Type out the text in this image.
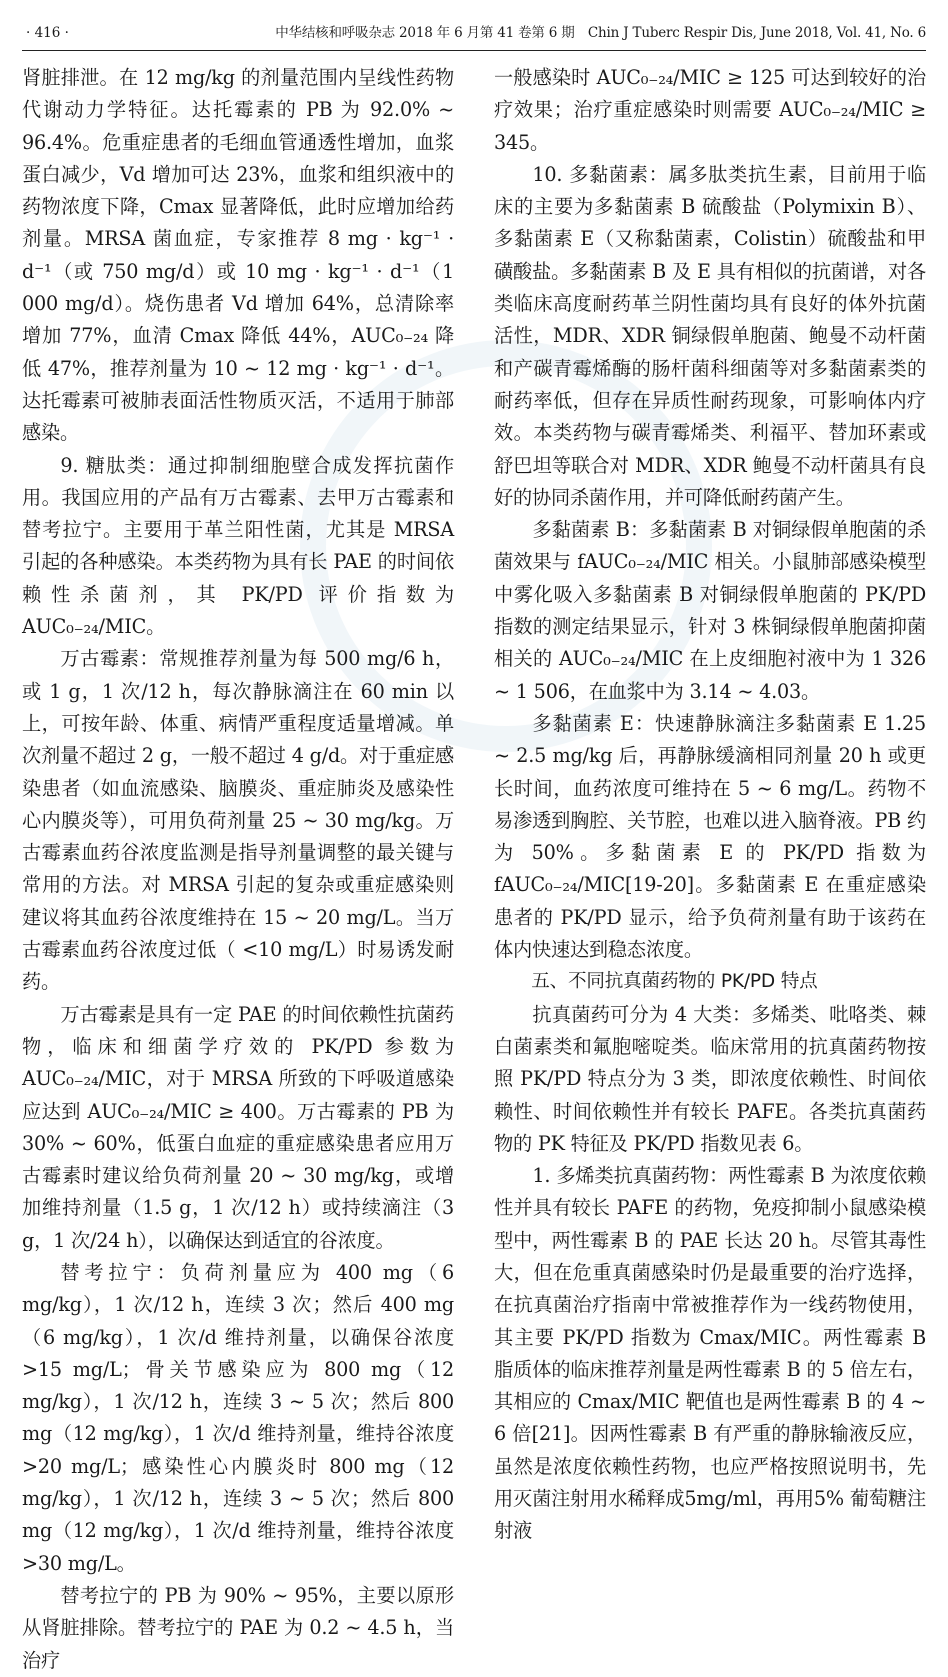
· 416 ·	中华结核和呼吸杂志 2018 年 6 月第 41 卷第 6 期　Chin J Tuberc Respir Dis, June 2018, Vol. 41, No. 6

肾脏排泄。在 12 mg/kg 的剂量范围内呈线性药物代谢动力学特征。达托霉素的 PB 为 92.0% ~ 96.4%。危重症患者的毛细血管通透性增加，血浆蛋白减少，Vd 增加可达 23%，血浆和组织液中的药物浓度下降，Cmax 显著降低，此时应增加给药剂量。MRSA 菌血症，专家推荐 8 mg · kg⁻¹ · d⁻¹（或 750 mg/d）或 10 mg · kg⁻¹ · d⁻¹（1 000 mg/d）。烧伤患者 Vd 增加 64%，总清除率增加 77%，血清 Cmax 降低 44%，AUC₀₋₂₄ 降低 47%，推荐剂量为 10 ~ 12 mg · kg⁻¹ · d⁻¹。达托霉素可被肺表面活性物质灭活，不适用于肺部感染。

9. 糖肽类：通过抑制细胞壁合成发挥抗菌作用。我国应用的产品有万古霉素、去甲万古霉素和替考拉宁。主要用于革兰阳性菌，尤其是 MRSA 引起的各种感染。本类药物为具有长 PAE 的时间依赖性杀菌剂，其 PK/PD 评价指数为 AUC₀₋₂₄/MIC。

万古霉素：常规推荐剂量为每 500 mg/6 h，或 1 g，1 次/12 h，每次静脉滴注在 60 min 以上，可按年龄、体重、病情严重程度适量增减。单次剂量不超过 2 g，一般不超过 4 g/d。对于重症感染患者（如血流感染、脑膜炎、重症肺炎及感染性心内膜炎等），可用负荷剂量 25 ~ 30 mg/kg。万古霉素血药谷浓度监测是指导剂量调整的最关键与常用的方法。对 MRSA 引起的复杂或重症感染则建议将其血药谷浓度维持在 15 ~ 20 mg/L。当万古霉素血药谷浓度过低（ <10 mg/L）时易诱发耐药。

万古霉素是具有一定 PAE 的时间依赖性抗菌药物，临床和细菌学疗效的 PK/PD 参数为 AUC₀₋₂₄/MIC，对于 MRSA 所致的下呼吸道感染应达到 AUC₀₋₂₄/MIC ≥ 400。万古霉素的 PB 为 30% ~ 60%，低蛋白血症的重症感染患者应用万古霉素时建议给负荷剂量 20 ~ 30 mg/kg，或增加维持剂量（1.5 g，1 次/12 h）或持续滴注（3 g，1 次/24 h），以确保达到适宜的谷浓度。

替考拉宁：负荷剂量应为 400 mg（6 mg/kg），1 次/12 h，连续 3 次；然后 400 mg（6 mg/kg），1 次/d 维持剂量，以确保谷浓度 >15 mg/L；骨关节感染应为 800 mg（12 mg/kg），1 次/12 h，连续 3 ~ 5 次；然后 800 mg（12 mg/kg），1 次/d 维持剂量，维持谷浓度 >20 mg/L；感染性心内膜炎时 800 mg（12 mg/kg），1 次/12 h，连续 3 ~ 5 次；然后 800 mg（12 mg/kg），1 次/d 维持剂量，维持谷浓度 >30 mg/L。

替考拉宁的 PB 为 90% ~ 95%，主要以原形从肾脏排除。替考拉宁的 PAE 为 0.2 ~ 4.5 h，当治疗

一般感染时 AUC₀₋₂₄/MIC ≥ 125 可达到较好的治疗效果；治疗重症感染时则需要 AUC₀₋₂₄/MIC ≥ 345。

10. 多黏菌素：属多肽类抗生素，目前用于临床的主要为多黏菌素 B 硫酸盐（Polymixin B）、多黏菌素 E（又称黏菌素，Colistin）硫酸盐和甲磺酸盐。多黏菌素 B 及 E 具有相似的抗菌谱，对各类临床高度耐药革兰阴性菌均具有良好的体外抗菌活性，MDR、XDR 铜绿假单胞菌、鲍曼不动杆菌和产碳青霉烯酶的肠杆菌科细菌等对多黏菌素类的耐药率低，但存在异质性耐药现象，可影响体内疗效。本类药物与碳青霉烯类、利福平、替加环素或舒巴坦等联合对 MDR、XDR 鲍曼不动杆菌具有良好的协同杀菌作用，并可降低耐药菌产生。

多黏菌素 B：多黏菌素 B 对铜绿假单胞菌的杀菌效果与 fAUC₀₋₂₄/MIC 相关。小鼠肺部感染模型中雾化吸入多黏菌素 B 对铜绿假单胞菌的 PK/PD 指数的测定结果显示，针对 3 株铜绿假单胞菌抑菌相关的 AUC₀₋₂₄/MIC 在上皮细胞衬液中为 1 326 ~ 1 506，在血浆中为 3.14 ~ 4.03。

多黏菌素 E：快速静脉滴注多黏菌素 E 1.25 ~ 2.5 mg/kg 后，再静脉缓滴相同剂量 20 h 或更长时间，血药浓度可维持在 5 ~ 6 mg/L。药物不易渗透到胸腔、关节腔，也难以进入脑脊液。PB 约为 50%。多黏菌素 E 的 PK/PD 指数为 fAUC₀₋₂₄/MIC[19-20]。多黏菌素 E 在重症感染患者的 PK/PD 显示，给予负荷剂量有助于该药在体内快速达到稳态浓度。

五、不同抗真菌药物的 PK/PD 特点

抗真菌药可分为 4 大类：多烯类、吡咯类、棘白菌素类和氟胞嘧啶类。临床常用的抗真菌药物按照 PK/PD 特点分为 3 类，即浓度依赖性、时间依赖性、时间依赖性并有较长 PAFE。各类抗真菌药物的 PK 特征及 PK/PD 指数见表 6。

1. 多烯类抗真菌药物：两性霉素 B 为浓度依赖性并具有较长 PAFE 的药物，免疫抑制小鼠感染模型中，两性霉素 B 的 PAE 长达 20 h。尽管其毒性大，但在危重真菌感染时仍是最重要的治疗选择，在抗真菌治疗指南中常被推荐作为一线药物使用，其主要 PK/PD 指数为 Cmax/MIC。两性霉素 B 脂质体的临床推荐剂量是两性霉素 B 的 5 倍左右，其相应的 Cmax/MIC 靶值也是两性霉素 B 的 4 ~ 6 倍[21]。因两性霉素 B 有严重的静脉输液反应，虽然是浓度依赖性药物，也应严格按照说明书，先用灭菌注射用水稀释成5mg/ml，再用5% 葡萄糖注射液
